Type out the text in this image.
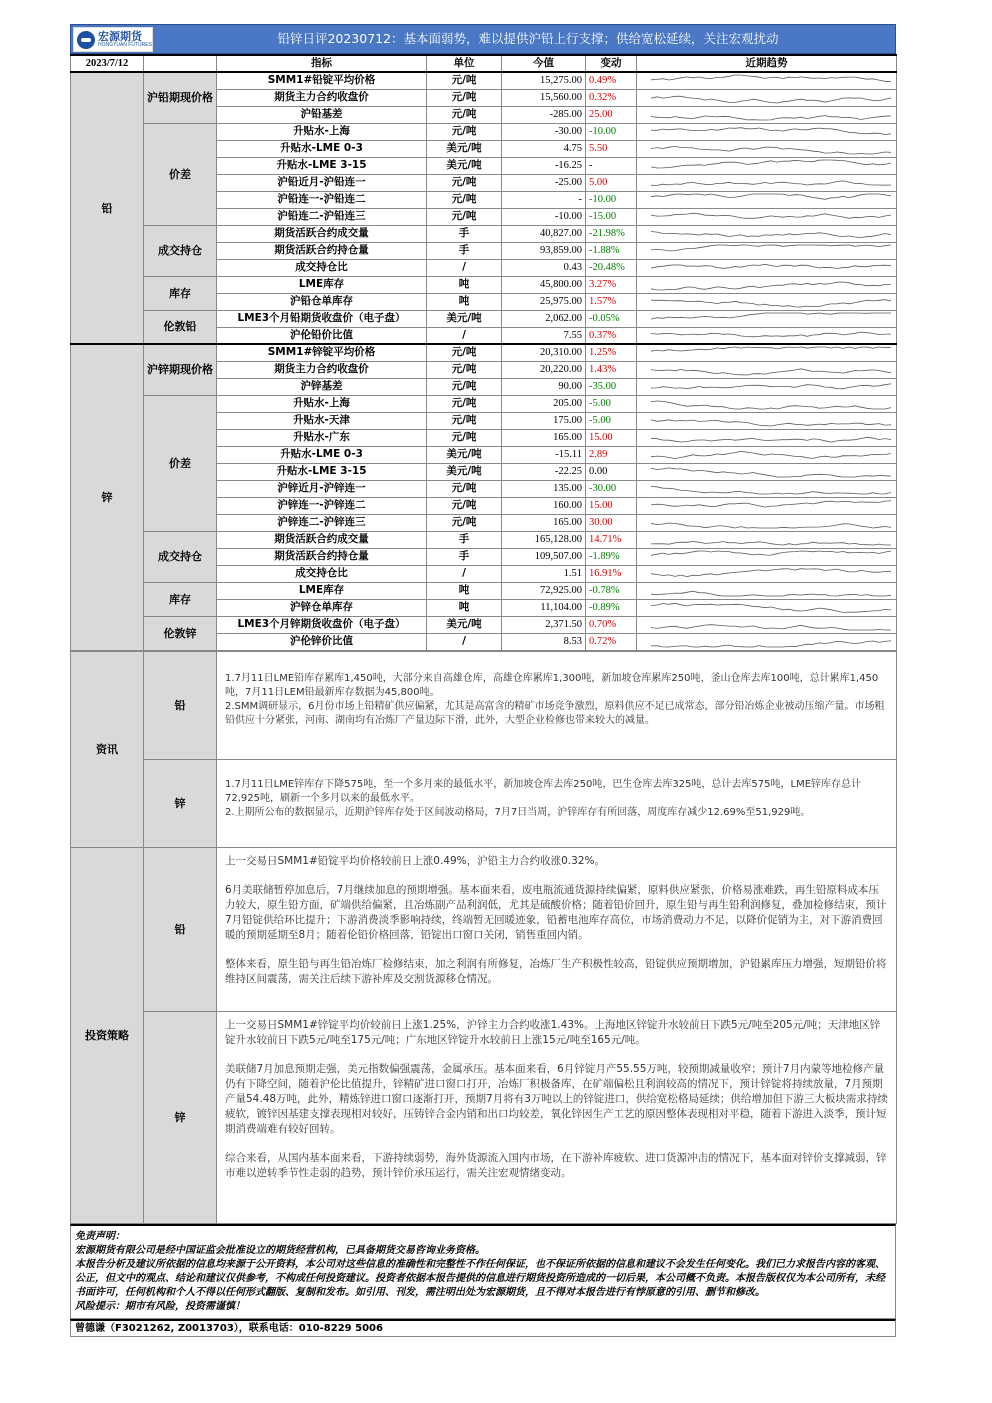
宏源期货
HONGYUAN FUTURES	铅锌日评20230712：基本面弱势，难以提供沪铅上行支撑；供给宽松延续，关注宏观扰动
2023/7/12		指标	单位	今值	变动	近期趋势
铅	沪铅期现价格	SMM1#铅锭平均价格	元/吨	15,275.00	0.49%	

		期货主力合约收盘价	元/吨	15,560.00	0.32%	

		沪铅基差	元/吨	-285.00	25.00	

	价差	升贴水-上海	元/吨	-30.00	-10.00	

		升贴水-LME 0-3	美元/吨	4.75	5.50	

		升贴水-LME 3-15	美元/吨	-16.25	-	

		沪铅近月-沪铅连一	元/吨	-25.00	5.00	

		沪铅连一-沪铅连二	元/吨	-	-10.00	

		沪铅连二-沪铅连三	元/吨	-10.00	-15.00	

	成交持仓	期货活跃合约成交量	手	40,827.00	-21.98%	

		期货活跃合约持仓量	手	93,859.00	-1.88%	

		成交持仓比	/	0.43	-20.48%	

	库存	LME库存	吨	45,800.00	3.27%	

		沪铅仓单库存	吨	25,975.00	1.57%	

	伦敦铅	LME3个月铅期货收盘价（电子盘）	美元/吨	2,062.00	-0.05%	

		沪伦铅价比值	/	7.55	0.37%	

锌	沪锌期现价格	SMM1#锌锭平均价格	元/吨	20,310.00	1.25%	

		期货主力合约收盘价	元/吨	20,220.00	1.43%	

		沪锌基差	元/吨	90.00	-35.00	

	价差	升贴水-上海	元/吨	205.00	-5.00	

		升贴水-天津	元/吨	175.00	-5.00	

		升贴水-广东	元/吨	165.00	15.00	

		升贴水-LME 0-3	美元/吨	-15.11	2.89	

		升贴水-LME 3-15	美元/吨	-22.25	0.00	

		沪锌近月-沪锌连一	元/吨	135.00	-30.00	

		沪锌连一-沪锌连二	元/吨	160.00	15.00	

		沪锌连二-沪锌连三	元/吨	165.00	30.00	

	成交持仓	期货活跃合约成交量	手	165,128.00	14.71%	

		期货活跃合约持仓量	手	109,507.00	-1.89%	

		成交持仓比	/	1.51	16.91%	

	库存	LME库存	吨	72,925.00	-0.78%	

		沪锌仓单库存	吨	11,104.00	-0.89%	

	伦敦锌	LME3个月锌期货收盘价（电子盘）	美元/吨	2,371.50	0.70%	

		沪伦锌价比值	/	8.53	0.72%	
资讯	铅	1.7月11日LME铅库存累库1,450吨，大部分来自高雄仓库，高雄仓库累库1,300吨，新加坡仓库累库250吨，釜山仓库去库100吨，总计累库1,450吨，7月11日LEM铅最新库存数据为45,800吨。

2.SMM调研显示，6月份市场上铅精矿供应偏紧，尤其是高富含的精矿市场竞争激烈，原料供应不足已成常态，部分铅冶炼企业被动压缩产量。市场粗铅供应十分紧张，河南、湖南均有冶炼厂产量边际下滑，此外，大型企业检修也带来较大的减量。

	锌	1.7月11日LME锌库存下降575吨，至一个多月来的最低水平，新加坡仓库去库250吨，巴生仓库去库325吨，总计去库575吨，LME锌库存总计72,925吨，刷新一个多月以来的最低水平。

2.上期所公布的数据显示，近期沪锌库存处于区间波动格局，7月7日当周，沪锌库存有所回落，周度库存减少12.69%至51,929吨。

投资策略	铅	上一交易日SMM1#铅锭平均价格较前日上涨0.49%，沪铅主力合约收涨0.32%。

6月美联储暂停加息后，7月继续加息的预期增强。基本面来看，废电瓶流通货源持续偏紧，原料供应紧张，价格易涨难跌，再生铅原料成本压力较大，原生铅方面，矿端供给偏紧，且冶炼副产品利润低，尤其是硫酸价格；随着铅价回升，原生铅与再生铅利润修复，叠加检修结束，预计7月铅锭供给环比提升；下游消费淡季影响持续，终端暂无回暖迹象，铅蓄电池库存高位，市场消费动力不足，以降价促销为主，对下游消费回暖的预期延期至8月；随着伦铅价格回落，铅锭出口窗口关闭，销售重回内销。

整体来看，原生铅与再生铅冶炼厂检修结束，加之利润有所修复，冶炼厂生产积极性较高，铅锭供应预期增加，沪铅累库压力增强，短期铅价将维持区间震荡，需关注后续下游补库及交割货源移仓情况。

	锌	上一交易日SMM1#锌锭平均价较前日上涨1.25%，沪锌主力合约收涨1.43%。上海地区锌锭升水较前日下跌5元/吨至205元/吨；天津地区锌锭升水较前日下跌5元/吨至175元/吨；广东地区锌锭升水较前日上涨15元/吨至165元/吨。

美联储7月加息预期走强，美元指数偏强震荡，金属承压。基本面来看，6月锌锭月产55.55万吨，较预期减量收窄；预计7月内蒙等地检修产量仍有下降空间，随着沪伦比值提升，锌精矿进口窗口打开，冶炼厂积极备库，在矿端偏松且利润较高的情况下，预计锌锭将持续放量，7月预期产量54.48万吨，此外，精炼锌进口窗口逐渐打开，预期7月将有3万吨以上的锌锭进口，供给宽松格局延续；供给增加但下游三大板块需求持续疲软，镀锌因基建支撑表现相对较好，压铸锌合金内销和出口均较差，氧化锌因生产工艺的原因整体表现相对平稳，随着下游进入淡季，预计短期消费端难有较好回转。

综合来看，从国内基本面来看，下游持续弱势，海外货源流入国内市场，在下游补库疲软、进口货源冲击的情况下，基本面对锌价支撑减弱，锌市难以逆转季节性走弱的趋势，预计锌价承压运行，需关注宏观情绪变动。

免责声明：
宏源期货有限公司是经中国证监会批准设立的期货经营机构，已具备期货交易咨询业务资格。
本报告分析及建议所依据的信息均来源于公开资料，本公司对这些信息的准确性和完整性不作任何保证，也不保证所依据的信息和建议不会发生任何变化。我们已力求报告内容的客观、公正，但文中的观点、结论和建议仅供参考，不构成任何投资建议。投资者依据本报告提供的信息进行期货投资所造成的一切后果，本公司概不负责。本报告版权仅为本公司所有，未经书面许可，任何机构和个人不得以任何形式翻版、复制和发布。如引用、刊发，需注明出处为宏源期货，且不得对本报告进行有悖原意的引用、删节和修改。
风险提示：期市有风险，投资需谨慎！
曾德谦（F3021262, Z0013703），联系电话：010-8229 5006
